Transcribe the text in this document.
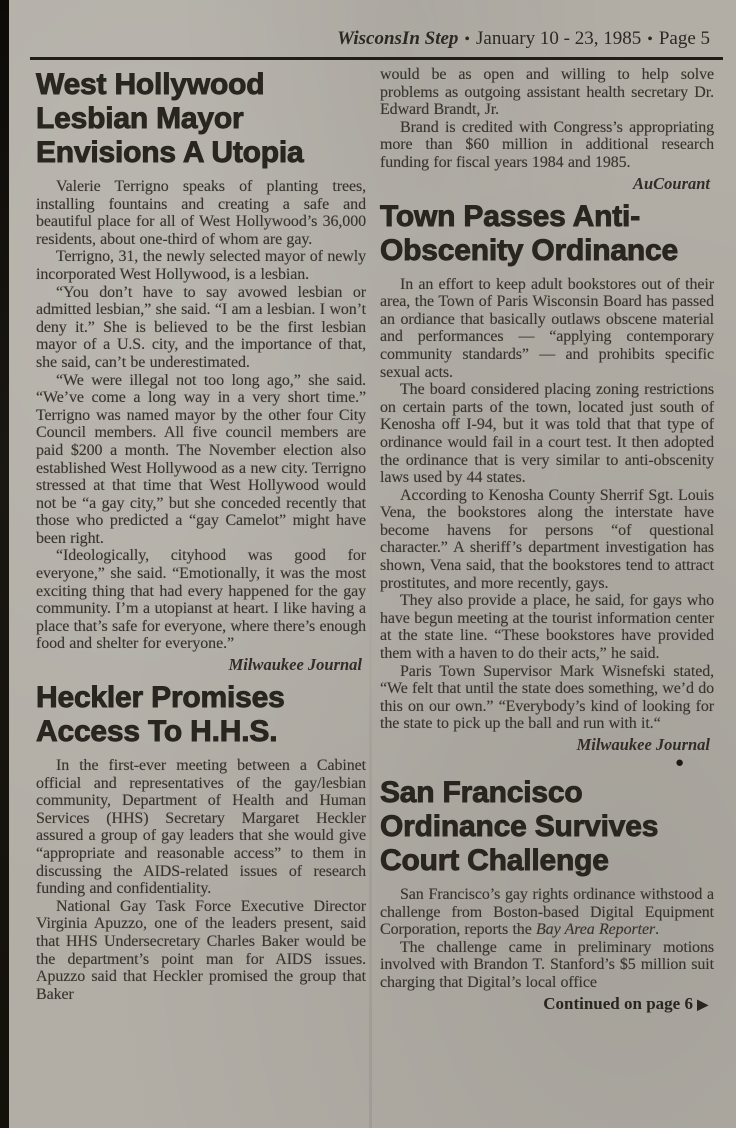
WisconsIn Step • January 10 - 23, 1985 • Page 5
West Hollywood
Lesbian Mayor
Envisions A Utopia

Valerie Terrigno speaks of planting trees, installing fountains and creating a safe and beautiful place for all of West Hollywood’s 36,000 residents, about one-third of whom are gay.

Terrigno, 31, the newly selected mayor of newly incorporated West Hollywood, is a lesbian.

“You don’t have to say avowed lesbian or admitted lesbian,” she said. “I am a lesbian. I won’t deny it.” She is believed to be the first lesbian mayor of a U.S. city, and the importance of that, she said, can’t be underestimated.

“We were illegal not too long ago,” she said. “We’ve come a long way in a very short time.” Terrigno was named mayor by the other four City Council members. All five council members are paid $200 a month. The November election also established West Hollywood as a new city. Terrigno stressed at that time that West Hollywood would not be “a gay city,” but she conceded recently that those who predicted a “gay Camelot” might have been right.

“Ideologically, cityhood was good for everyone,” she said. “Emotionally, it was the most exciting thing that had every happened for the gay community. I’m a utopianst at heart. I like having a place that’s safe for everyone, where there’s enough food and shelter for everyone.”

Milwaukee Journal
Heckler Promises
Access To H.H.S.

In the first-ever meeting between a Cabinet official and representatives of the gay/lesbian community, Department of Health and Human Services (HHS) Secretary Margaret Heckler assured a group of gay leaders that she would give “appropriate and reasonable access” to them in discussing the AIDS-related issues of research funding and confidentiality.

National Gay Task Force Executive Director Virginia Apuzzo, one of the leaders present, said that HHS Undersecretary Charles Baker would be the department’s point man for AIDS issues. Apuzzo said that Heckler promised the group that Baker

would be as open and willing to help solve problems as outgoing assistant health secretary Dr. Edward Brandt, Jr.

Brand is credited with Congress’s appropriating more than $60 million in additional research funding for fiscal years 1984 and 1985.

AuCourant
Town Passes Anti-
Obscenity Ordinance

In an effort to keep adult bookstores out of their area, the Town of Paris Wisconsin Board has passed an ordiance that basically outlaws obscene material and performances — “applying contemporary community standards” — and prohibits specific sexual acts.

The board considered placing zoning restrictions on certain parts of the town, located just south of Kenosha off I-94, but it was told that that type of ordinance would fail in a court test. It then adopted the ordinance that is very similar to anti-obscenity laws used by 44 states.

According to Kenosha County Sherrif Sgt. Louis Vena, the bookstores along the interstate have become havens for persons “of questional character.” A sheriff’s department investigation has shown, Vena said, that the bookstores tend to attract prostitutes, and more recently, gays.

They also provide a place, he said, for gays who have begun meeting at the tourist information center at the state line. “These bookstores have provided them with a haven to do their acts,” he said.

Paris Town Supervisor Mark Wisnefski stated, “We felt that until the state does something, we’d do this on our own.” “Everybody’s kind of looking for the state to pick up the ball and run with it.“

Milwaukee Journal
●
San Francisco
Ordinance Survives
Court Challenge

San Francisco’s gay rights ordinance withstood a challenge from Boston-based Digital Equipment Corporation, reports the Bay Area Reporter.

The challenge came in preliminary motions involved with Brandon T. Stanford’s $5 million suit charging that Digital’s local office

Continued on page 6 ▶
